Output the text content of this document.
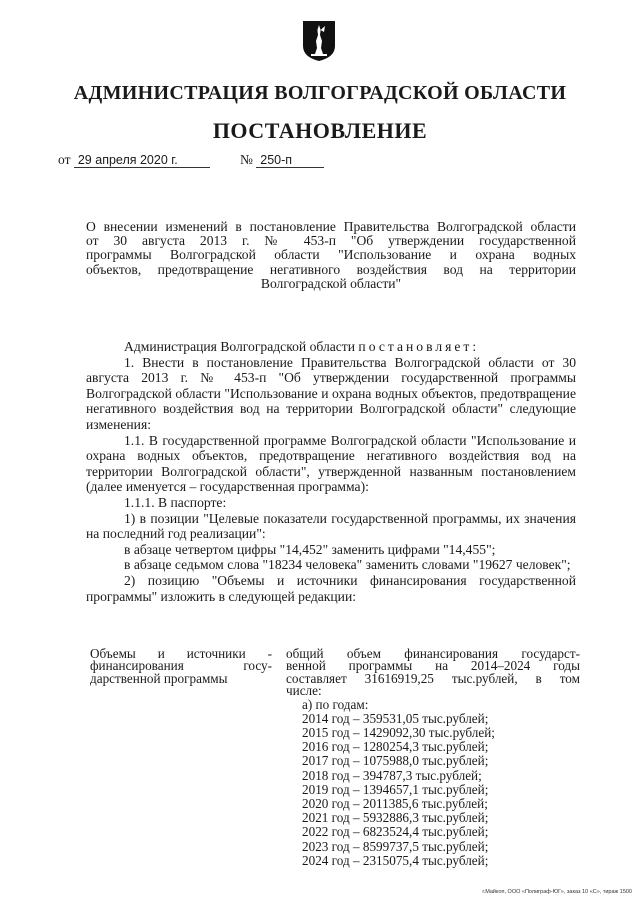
АДМИНИСТРАЦИЯ ВОЛГОГРАДСКОЙ ОБЛАСТИ
ПОСТАНОВЛЕНИЕ
от 29 апреля 2020 г.	№ 250-п
О внесении изменений в постановление Правительства Волгоградской области
от 30 августа 2013 г. № 453-п "Об утверждении государственной
программы Волгоградской области "Использование и охрана водных
объектов, предотвращение негативного воздействия вод на территории
Волгоградской области"
Администрация Волгоградской области постановляет:
1. Внести в постановление Правительства Волгоградской области от 30 августа 2013 г. № 453-п "Об утверждении государственной программы Волгоградской области "Использование и охрана водных объектов, предотвращение негативного воздействия вод на территории Волгоградской области" следующие изменения:
1.1. В государственной программе Волгоградской области "Использование и охрана водных объектов, предотвращение негативного воздействия вод на территории Волгоградской области", утвержденной названным постановлением (далее именуется – государственная программа):
1.1.1. В паспорте:
1) в позиции "Целевые показатели государственной программы, их значения на последний год реализации":
в абзаце четвертом цифры "14,452" заменить цифрами "14,455";
в абзаце седьмом слова "18234 человека" заменить словами "19627 человек";
2) позицию "Объемы и источники финансирования государственной программы" изложить в следующей редакции:
Объемы и источники -
финансирования госу-
дарственной программы
общий объем финансирования государст-
венной программы на 2014–2024 годы
составляет 31616919,25 тыс.рублей, в том
числе:
а) по годам:
2014 год – 359531,05 тыс.рублей;
2015 год – 1429092,30 тыс.рублей;
2016 год – 1280254,3 тыс.рублей;
2017 год – 1075988,0 тыс.рублей;
2018 год – 394787,3 тыс.рублей;
2019 год – 1394657,1 тыс.рублей;
2020 год – 2011385,6 тыс.рублей;
2021 год – 5932886,3 тыс.рублей;
2022 год – 6823524,4 тыс.рублей;
2023 год – 8599737,5 тыс.рублей;
2024 год – 2315075,4 тыс.рублей;
г.Майкоп, ООО «Полиграф-ЮГ», заказ 10 «С», тираж 1500
